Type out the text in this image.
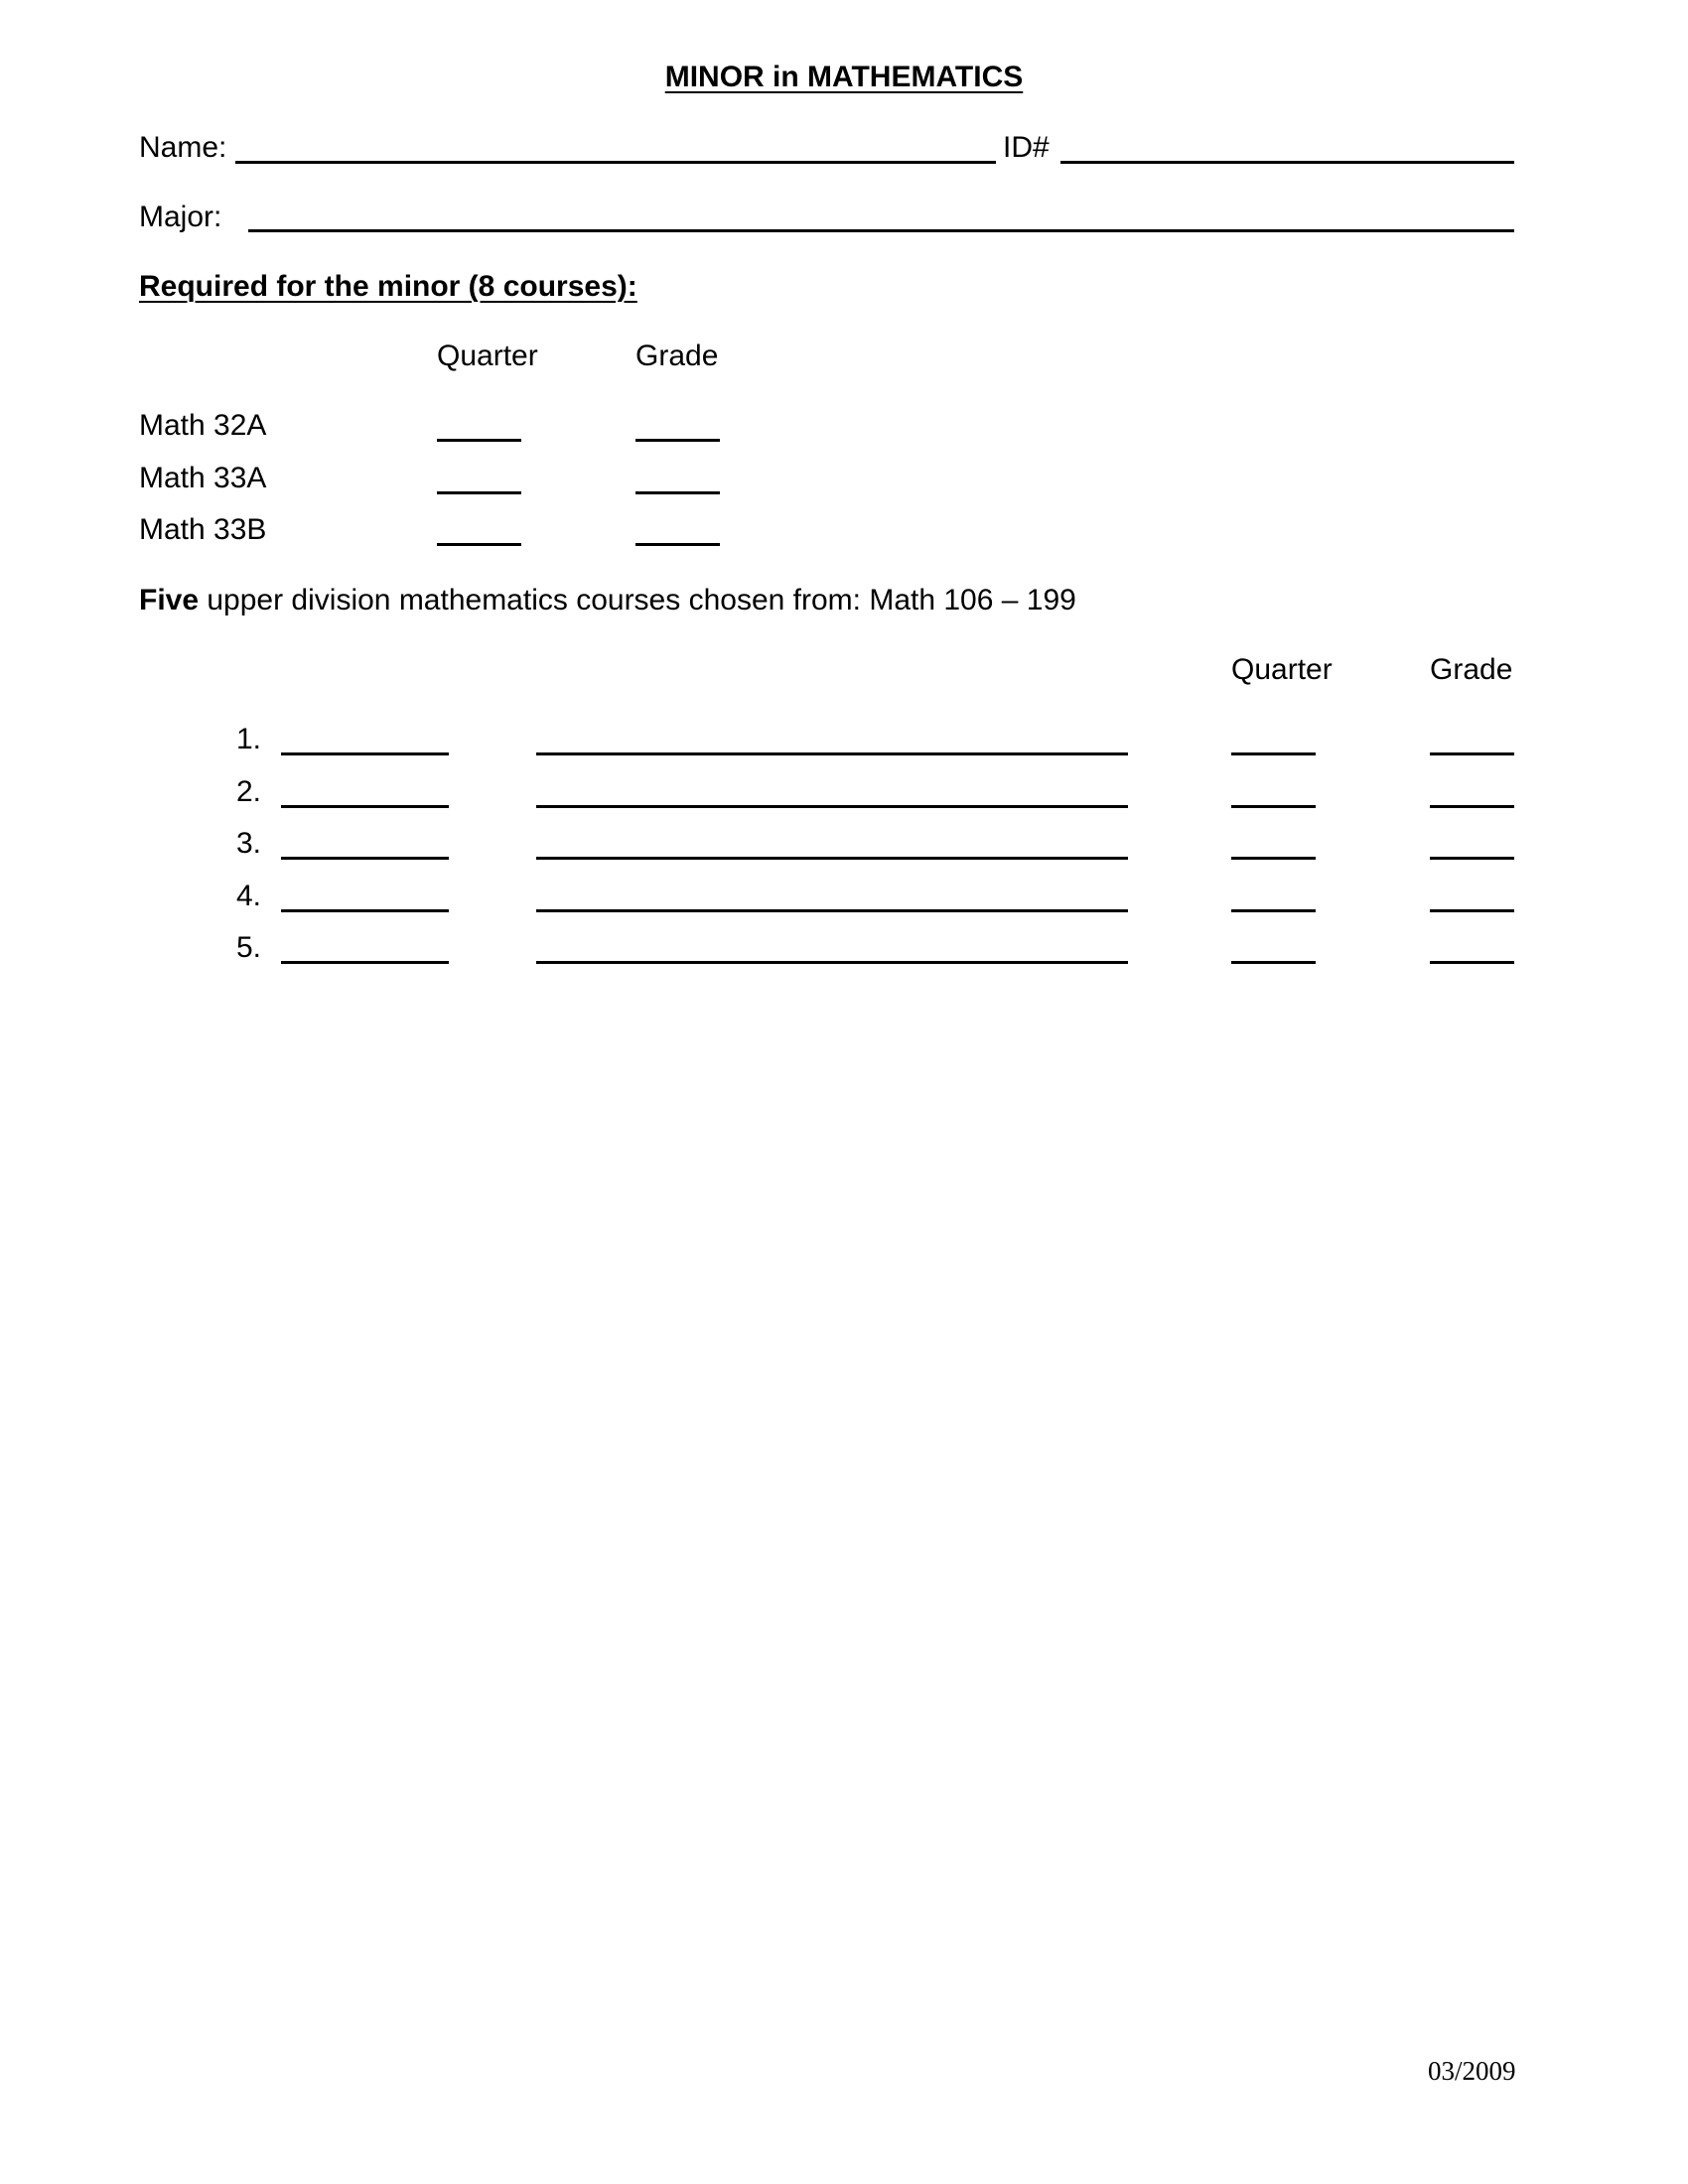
MINOR in MATHEMATICS
Name:	ID#
Major:
Required for the minor (8 courses):
Quarter	Grade
Math 32A
Math 33A
Math 33B
Five upper division mathematics courses chosen from: Math 106 – 199
Quarter	Grade
1.
2.
3.
4.
5.
03/2009
